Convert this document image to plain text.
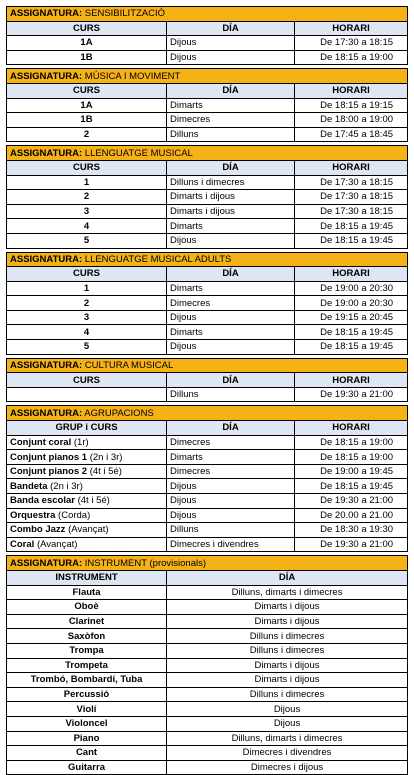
ASSIGNATURA: SENSIBILITZACIÓ		
CURS	DÍA	HORARI
1A	Dijous	De 17:30 a 18:15
1B	Dijous	De 18:15 a 19:00

ASSIGNATURA: MÚSICA I MOVIMENT		
CURS	DÍA	HORARI
1A	Dimarts	De 18:15 a 19:15
1B	Dimecres	De 18:00 a 19:00
2	Dilluns	De 17:45 a 18:45

ASSIGNATURA: LLENGUATGE MUSICAL		
CURS	DÍA	HORARI
1	Dilluns i dimecres	De 17:30 a 18:15
2	Dimarts i dijous	De 17:30 a 18:15
3	Dimarts i dijous	De 17:30 a 18:15
4	Dimarts	De 18:15 a 19:45
5	Dijous	De 18:15 a 19:45

ASSIGNATURA: LLENGUATGE MUSICAL ADULTS		
CURS	DÍA	HORARI
1	Dimarts	De 19:00 a 20:30
2	Dimecres	De 19:00 a 20:30
3	Dijous	De 19:15 a 20:45
4	Dimarts	De 18:15 a 19:45
5	Dijous	De 18:15 a 19:45

ASSIGNATURA: CULTURA MUSICAL		
CURS	DÍA	HORARI
	Dilluns	De 19:30 a 21:00

ASSIGNATURA: AGRUPACIONS		
GRUP i CURS	DÍA	HORARI
Conjunt coral (1r)	Dimecres	De 18:15 a 19:00
Conjunt pianos 1 (2n i 3r)	Dimarts	De 18:15 a 19:00
Conjunt pianos 2 (4t i 5é)	Dimecres	De 19:00 a 19:45
Bandeta (2n i 3r)	Dijous	De 18:15 a 19:45
Banda escolar (4t i 5é)	Dijous	De 19:30 a 21:00
Orquestra (Corda)	Dijous	De 20.00 a 21.00
Combo Jazz (Avançat)	Dilluns	De 18:30 a 19:30
Coral (Avançat)	Dimecres i divendres	De 19:30 a 21:00

ASSIGNATURA: INSTRUMENT (provisionals)		
INSTRUMENT	DÍA	
Flauta	Dilluns, dimarts i dimecres	
Oboè	Dimarts i dijous	
Clarinet	Dimarts i dijous	
Saxòfon	Dilluns i dimecres	
Trompa	Dilluns i dimecres	
Trompeta	Dimarts i dijous	
Trombó, Bombardí, Tuba	Dimarts i dijous	
Percussió	Dilluns i dimecres	
Violí	Dijous	
Violoncel	Dijous	
Piano	Dilluns, dimarts i dimecres	
Cant	Dimecres i divendres	
Guitarra	Dimecres i dijous	
